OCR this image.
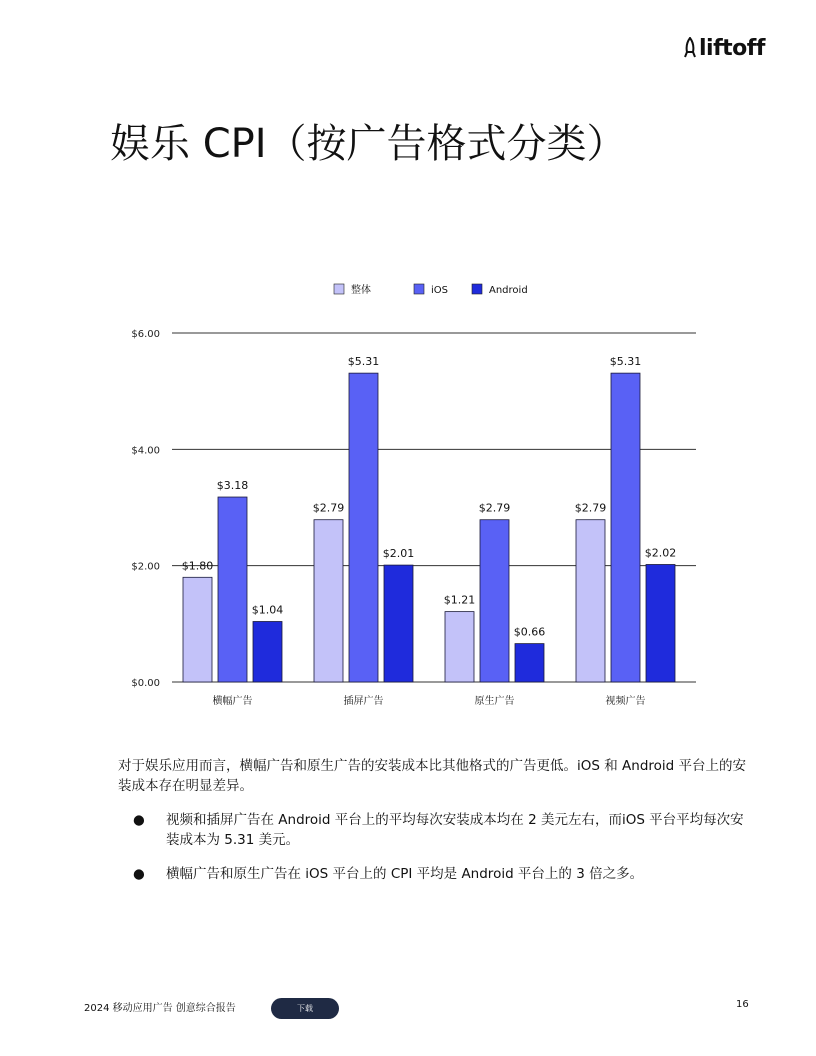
liftoff
娱乐 CPI（按广告格式分类）
$0.00
$2.00
$4.00
$6.00
整体	iOS	Android
$1.80
$3.18
$1.04
横幅广告
$2.79
$5.31
$2.01
插屏广告
$1.21
$2.79
$0.66
原生广告
$2.79
$5.31
$2.02
视频广告

对于娱乐应用而言，横幅广告和原生广告的安装成本比其他格式的广告更低。iOS 和 Android 平台上的安装成本存在明显差异。

● 视频和插屏广告在 Android 平台上的平均每次安装成本均在 2 美元左右，而iOS 平台平均每次安装成本为 5.31 美元。
● 横幅广告和原生广告在 iOS 平台上的 CPI 平均是 Android 平台上的 3 倍之多。
2024 移动应用广告 创意综合报告	下载	16
